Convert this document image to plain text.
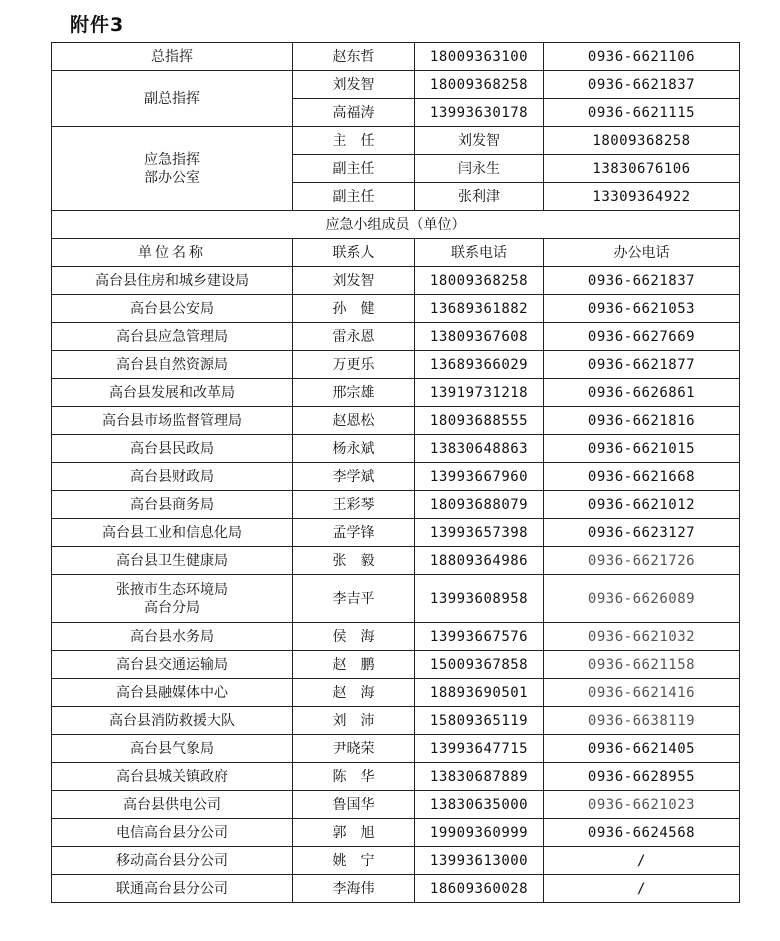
附件3
总指挥	赵东哲	18009363100	0936-6621106
副总指挥	刘发智	18009368258	0936-6621837
	高福涛	13993630178	0936-6621115
应急指挥
部办公室	主　任	刘发智	18009368258
	副主任	闫永生	13830676106
	副主任	张利津	13309364922
应急小组成员（单位）			
单位名称	联系人	联系电话	办公电话
高台县住房和城乡建设局	刘发智	18009368258	0936-6621837
高台县公安局	孙　健	13689361882	0936-6621053
高台县应急管理局	雷永恩	13809367608	0936-6627669
高台县自然资源局	万更乐	13689366029	0936-6621877
高台县发展和改革局	邢宗雄	13919731218	0936-6626861
高台县市场监督管理局	赵恩松	18093688555	0936-6621816
高台县民政局	杨永斌	13830648863	0936-6621015
高台县财政局	李学斌	13993667960	0936-6621668
高台县商务局	王彩琴	18093688079	0936-6621012
高台县工业和信息化局	孟学锋	13993657398	0936-6623127
高台县卫生健康局	张　毅	18809364986	0936-6621726
张掖市生态环境局
高台分局	李吉平	13993608958	0936-6626089
高台县水务局	侯　海	13993667576	0936-6621032
高台县交通运输局	赵　鹏	15009367858	0936-6621158
高台县融媒体中心	赵　海	18893690501	0936-6621416
高台县消防救援大队	刘　沛	15809365119	0936-6638119
高台县气象局	尹晓荣	13993647715	0936-6621405
高台县城关镇政府	陈　华	13830687889	0936-6628955
高台县供电公司	鲁国华	13830635000	0936-6621023
电信高台县分公司	郭　旭	19909360999	0936-6624568
移动高台县分公司	姚　宁	13993613000	/
联通高台县分公司	李海伟	18609360028	/
